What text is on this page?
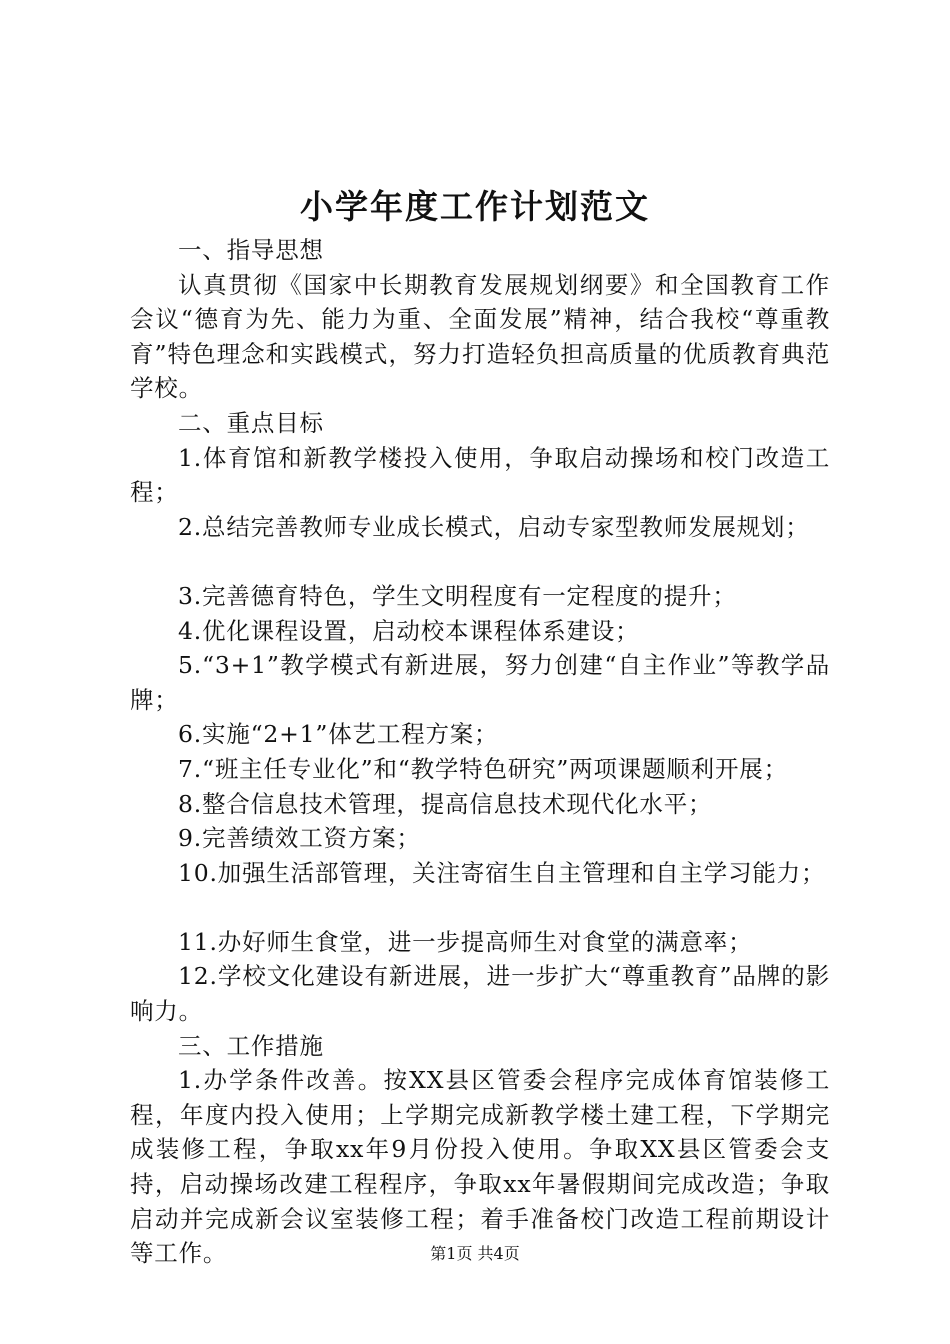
小学年度工作计划范文

一、指导思想

认真贯彻《国家中长期教育发展规划纲要》和全国教育工作会议“德育为先、能力为重、全面发展”精神，结合我校“尊重教育”特色理念和实践模式，努力打造轻负担高质量的优质教育典范学校。

二、重点目标

1.体育馆和新教学楼投入使用，争取启动操场和校门改造工程；

2.总结完善教师专业成长模式，启动专家型教师发展规划；

3.完善德育特色，学生文明程度有一定程度的提升；

4.优化课程设置，启动校本课程体系建设；

5.“3+1”教学模式有新进展，努力创建“自主作业”等教学品牌；

6.实施“2+1”体艺工程方案；

7.“班主任专业化”和“教学特色研究”两项课题顺利开展；

8.整合信息技术管理，提高信息技术现代化水平；

9.完善绩效工资方案；

10.加强生活部管理，关注寄宿生自主管理和自主学习能力；

11.办好师生食堂，进一步提高师生对食堂的满意率；

12.学校文化建设有新进展，进一步扩大“尊重教育”品牌的影响力。

三、工作措施

1.办学条件改善。按XX县区管委会程序完成体育馆装修工程，年度内投入使用；上学期完成新教学楼土建工程，下学期完成装修工程，争取xx年9月份投入使用。争取XX县区管委会支持，启动操场改建工程程序，争取xx年暑假期间完成改造；争取启动并完成新会议室装修工程；着手准备校门改造工程前期设计等工作。	第1页 共4页
